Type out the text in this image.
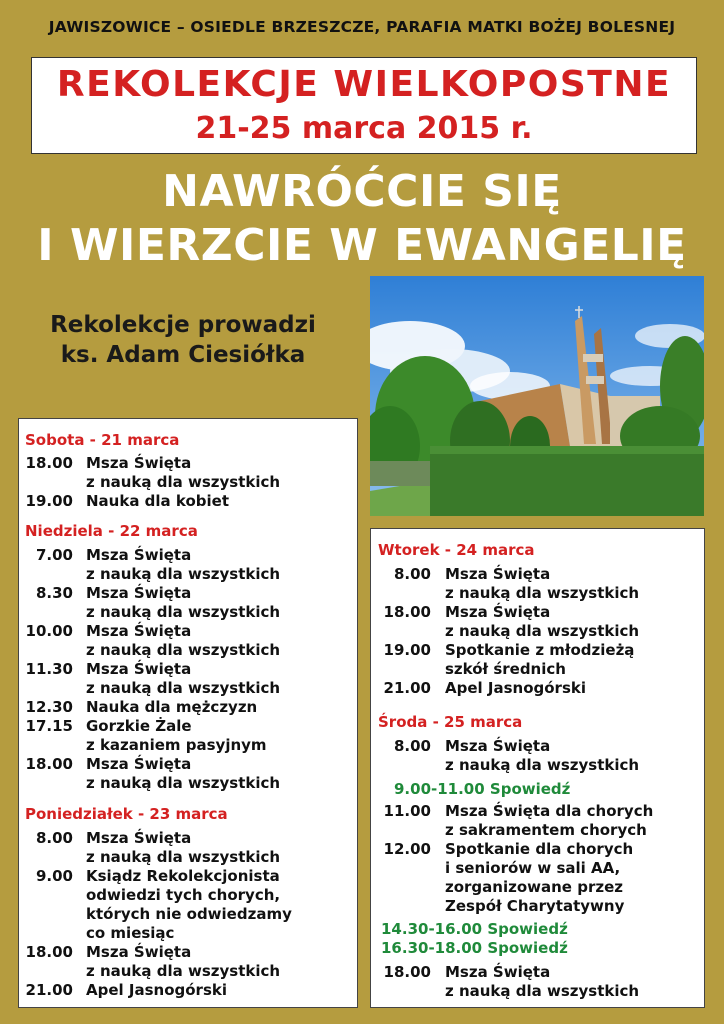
JAWISZOWICE – OSIEDLE BRZESZCZE, PARAFIA MATKI BOŻEJ BOLESNEJ
REKOLEKCJE WIELKOPOSTNE
21-25 marca 2015 r.
NAWRÓĆCIE SIĘ
I WIERZCIE W EWANGELIĘ
Rekolekcje prowadzi
ks. Adam Ciesiółka
Sobota - 21 marca
18.00 Msza Święta
z nauką dla wszystkich
19.00 Nauka dla kobiet
Niedziela - 22 marca
7.00 Msza Święta
z nauką dla wszystkich
8.30 Msza Święta
z nauką dla wszystkich
10.00 Msza Święta
z nauką dla wszystkich
11.30 Msza Święta
z nauką dla wszystkich
12.30 Nauka dla mężczyzn
17.15 Gorzkie Żale
z kazaniem pasyjnym
18.00 Msza Święta
z nauką dla wszystkich
Poniedziałek - 23 marca
8.00 Msza Święta
z nauką dla wszystkich
9.00 Ksiądz Rekolekcjonista
odwiedzi tych chorych,
których nie odwiedzamy
co miesiąc
18.00 Msza Święta
z nauką dla wszystkich
21.00 Apel Jasnogórski
Wtorek - 24 marca
8.00 Msza Święta
z nauką dla wszystkich
18.00 Msza Święta
z nauką dla wszystkich
19.00 Spotkanie z młodzieżą
szkół średnich
21.00 Apel Jasnogórski
Środa - 25 marca
8.00 Msza Święta
z nauką dla wszystkich
9.00-11.00 Spowiedź
11.00 Msza Święta dla chorych
z sakramentem chorych
12.00 Spotkanie dla chorych
i seniorów w sali AA,
zorganizowane przez
Zespół Charytatywny
14.30-16.00 Spowiedź
16.30-18.00 Spowiedź
18.00 Msza Święta
z nauką dla wszystkich
